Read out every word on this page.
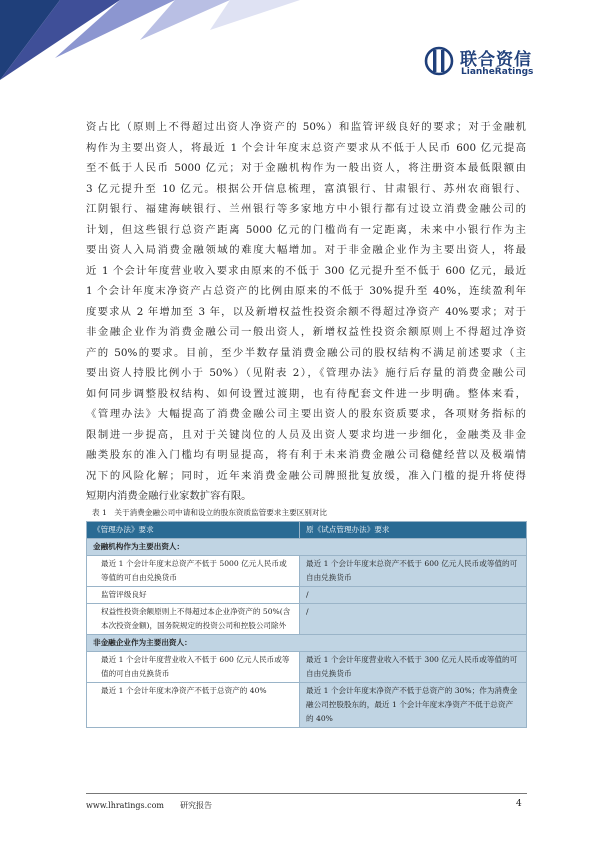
联合资信
LianheRatings

资占比（原则上不得超过出资人净资产的 50%）和监管评级良好的要求；对于金融机

构作为主要出资人，将最近 1 个会计年度末总资产要求从不低于人民币 600 亿元提高

至不低于人民币 5000 亿元；对于金融机构作为一般出资人，将注册资本最低限额由

3 亿元提升至 10 亿元。根据公开信息梳理，富滇银行、甘肃银行、苏州农商银行、

江阴银行、福建海峡银行、兰州银行等多家地方中小银行都有过设立消费金融公司的

计划，但这些银行总资产距离 5000 亿元的门槛尚有一定距离，未来中小银行作为主

要出资人入局消费金融领域的难度大幅增加。对于非金融企业作为主要出资人，将最

近 1 个会计年度营业收入要求由原来的不低于 300 亿元提升至不低于 600 亿元，最近

1 个会计年度末净资产占总资产的比例由原来的不低于 30%提升至 40%，连续盈利年

度要求从 2 年增加至 3 年，以及新增权益性投资余额不得超过净资产 40%要求；对于

非金融企业作为消费金融公司一般出资人，新增权益性投资余额原则上不得超过净资

产的 50%的要求。目前，至少半数存量消费金融公司的股权结构不满足前述要求（主

要出资人持股比例小于 50%）（见附表 2），《管理办法》施行后存量的消费金融公司

如何同步调整股权结构、如何设置过渡期，也有待配套文件进一步明确。整体来看，

《管理办法》大幅提高了消费金融公司主要出资人的股东资质要求，各项财务指标的

限制进一步提高，且对于关键岗位的人员及出资人要求均进一步细化，金融类及非金

融类股东的准入门槛均有明显提高，将有利于未来消费金融公司稳健经营以及极端情

况下的风险化解；同时，近年来消费金融公司牌照批复放缓，准入门槛的提升将使得

短期内消费金融行业家数扩容有限。

表 1　关于消费金融公司中请和设立的股东资质监管要求主要区别对比
《管理办法》要求	原《试点管理办法》要求
金融机构作为主要出资人：	
最近 1 个会计年度末总资产不低于 5000 亿元人民币或等值的可自由兑换货币	最近 1 个会计年度末总资产不低于 600 亿元人民币或等值的可自由兑换货币
监管评级良好	/
权益性投资余额原则上不得超过本企业净资产的 50%(含本次投资金额)，国务院规定的投资公司和控股公司除外	/
非金融企业作为主要出资人：	
最近 1 个会计年度营业收入不低于 600 亿元人民币或等值的可自由兑换货币	最近 1 个会计年度营业收入不低于 300 亿元人民币或等值的可自由兑换货币
最近 1 个会计年度末净资产不低于总资产的 40%	最近 1 个会计年度末净资产不低于总资产的 30%；作为消费金融公司控股股东的，最近 1 个会计年度末净资产不低于总资产的 40%
www.lhratings.com　　研究报告	4
